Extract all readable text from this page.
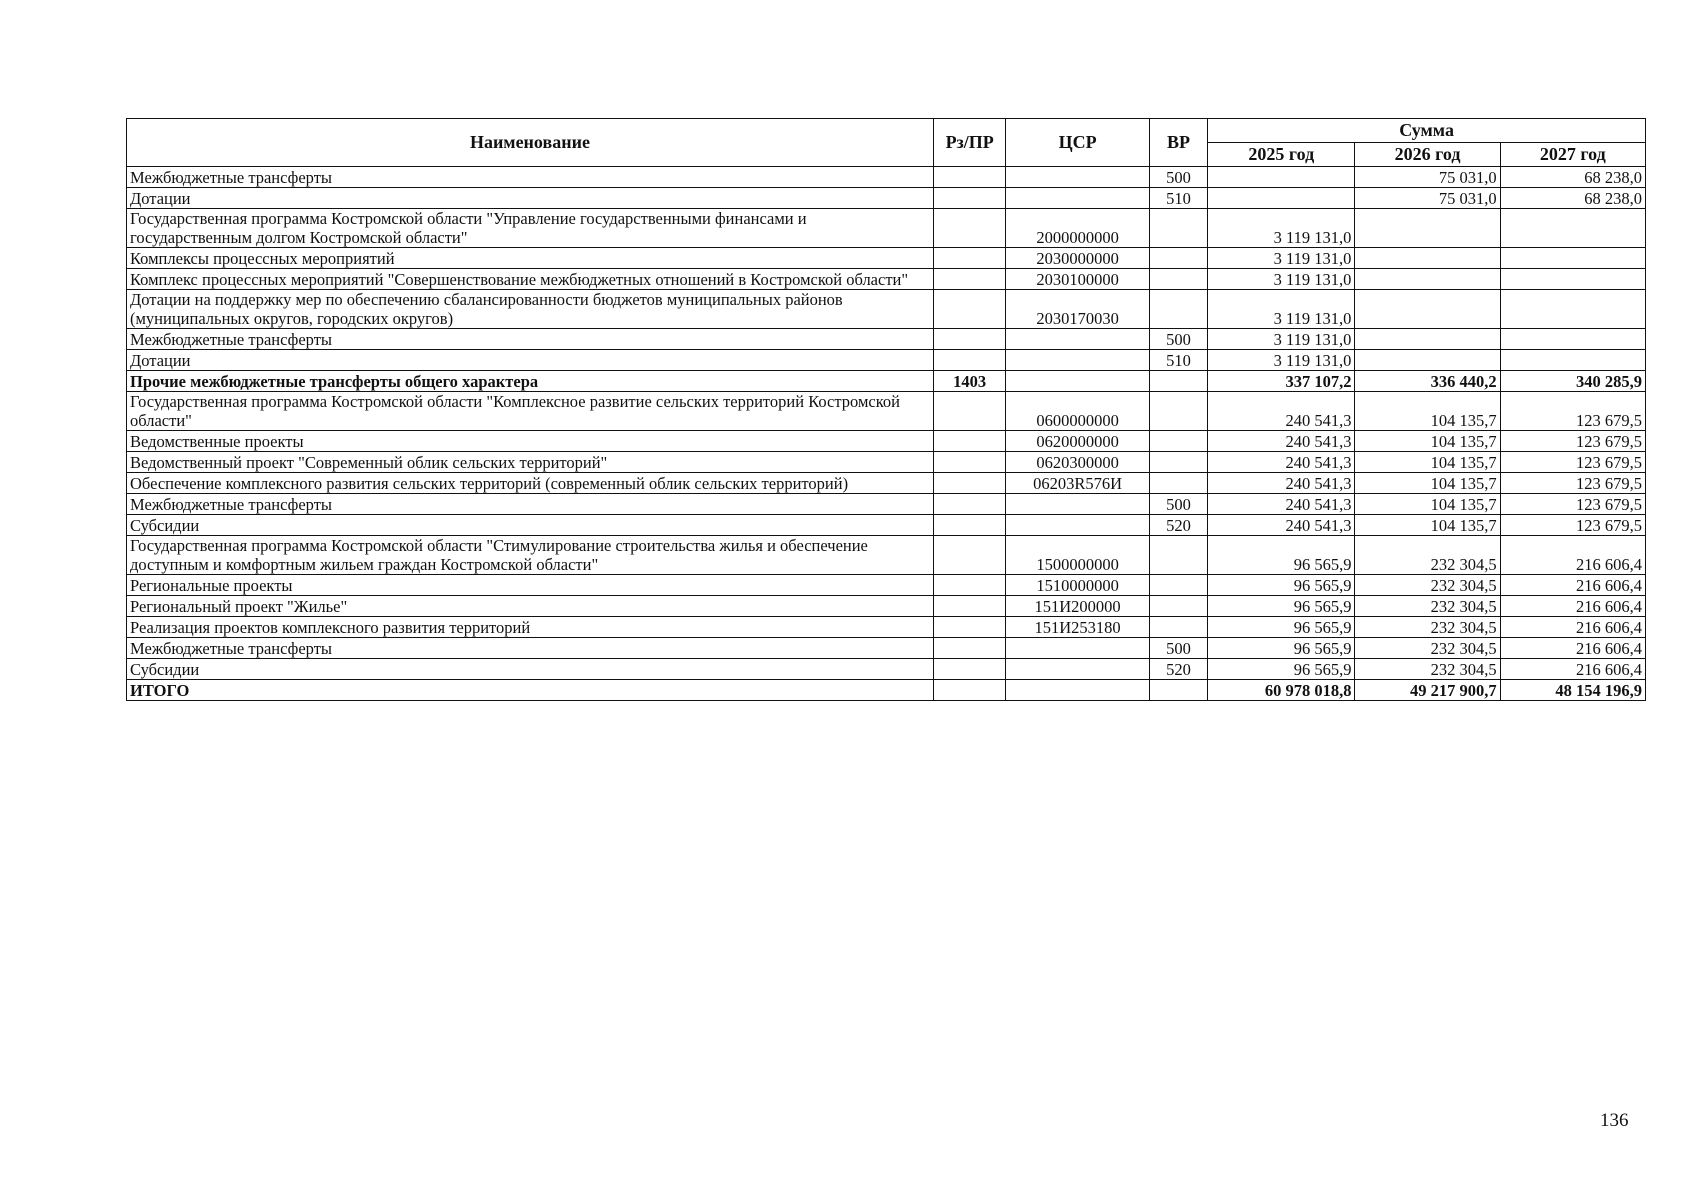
Наименование	Рз/ПР	ЦСР	ВР	Сумма		
				2025 год	2026 год	2027 год
Межбюджетные трансферты			500		75 031,0	68 238,0
Дотации			510		75 031,0	68 238,0
Государственная программа Костромской области "Управление государственными финансами и государственным долгом Костромской области"		2000000000		3 119 131,0		
Комплексы процессных мероприятий		2030000000		3 119 131,0		
Комплекс процессных мероприятий "Совершенствование межбюджетных отношений в Костромской области"		2030100000		3 119 131,0		
Дотации на поддержку мер по обеспечению сбалансированности бюджетов муниципальных районов (муниципальных округов, городских округов)		2030170030		3 119 131,0		
Межбюджетные трансферты			500	3 119 131,0		
Дотации			510	3 119 131,0		
Прочие межбюджетные трансферты общего характера	1403			337 107,2	336 440,2	340 285,9
Государственная программа Костромской области "Комплексное развитие сельских территорий Костромской области"		0600000000		240 541,3	104 135,7	123 679,5
Ведомственные проекты		0620000000		240 541,3	104 135,7	123 679,5
Ведомственный проект "Современный облик сельских территорий"		0620300000		240 541,3	104 135,7	123 679,5
Обеспечение комплексного развития сельских территорий (современный облик сельских территорий)		06203R576И		240 541,3	104 135,7	123 679,5
Межбюджетные трансферты			500	240 541,3	104 135,7	123 679,5
Субсидии			520	240 541,3	104 135,7	123 679,5
Государственная программа Костромской области "Стимулирование строительства жилья и обеспечение доступным и комфортным жильем граждан Костромской области"		1500000000		96 565,9	232 304,5	216 606,4
Региональные проекты		1510000000		96 565,9	232 304,5	216 606,4
Региональный проект "Жилье"		151И200000		96 565,9	232 304,5	216 606,4
Реализация проектов комплексного развития территорий		151И253180		96 565,9	232 304,5	216 606,4
Межбюджетные трансферты			500	96 565,9	232 304,5	216 606,4
Субсидии			520	96 565,9	232 304,5	216 606,4
ИТОГО				60 978 018,8	49 217 900,7	48 154 196,9
136
